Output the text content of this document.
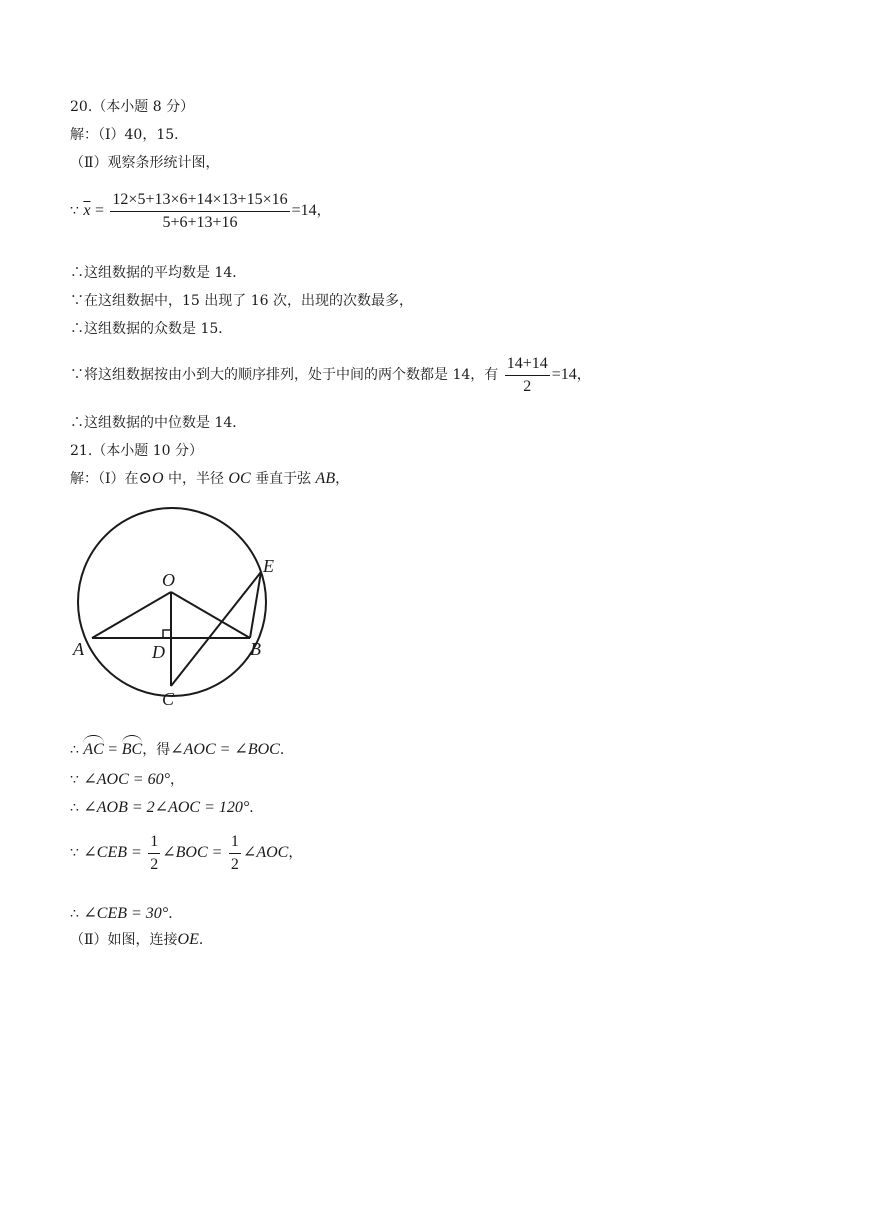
20.（本小题 8 分）
解：（Ⅰ）40，15．
（Ⅱ）观察条形统计图，
∵ $\overline{x} = \frac{12\times 5+13\times 6+14\times 13+15\times 16}{5+6+13+16} =14$，
∴这组数据的平均数是 14．
∵在这组数据中，15 出现了 16 次，出现的次数最多，
∴这组数据的众数是 15．
∵将这组数据按由小到大的顺序排列，处于中间的两个数都是 14，有 $\frac{14+14}{2} =14$，
∴这组数据的中位数是 14．
21.（本小题 10 分）
解：（Ⅰ）在⊙O 中，半径 OC 垂直于弦 AB，
O
E
A	D	B
C
∴ AC = BC，得∠AOC = ∠BOC．
∵ ∠AOC = 60°，
∴ ∠AOB = 2∠AOC = 120°．
∵ ∠CEB = $\frac{1}{2}$ ∠BOC = $\frac{1}{2}$ ∠AOC，
∴ ∠CEB = 30°．
（Ⅱ）如图，连接OE．
